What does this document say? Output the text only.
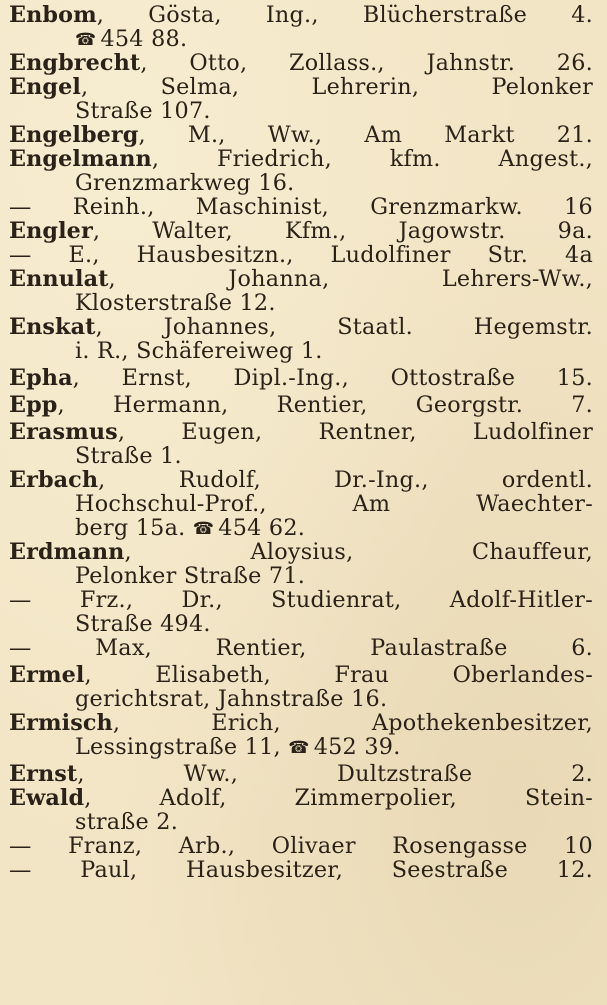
Enbom, Gösta, Ing., Blücherstraße 4.
☎ 454 88.
Engbrecht, Otto, Zollass., Jahnstr. 26.
Engel, Selma, Lehrerin, Pelonker
Straße 107.
Engelberg, M., Ww., Am Markt 21.
Engelmann, Friedrich, kfm. Angest.,
Grenzmarkweg 16.
— Reinh., Maschinist, Grenzmarkw. 16
Engler, Walter, Kfm., Jagowstr. 9a.
— E., Hausbesitzn., Ludolfiner Str. 4a
Ennulat, Johanna, Lehrers-Ww.,
Klosterstraße 12.
Enskat, Johannes, Staatl. Hegemstr.
i. R., Schäfereiweg 1.
Epha, Ernst, Dipl.-Ing., Ottostraße 15.
Epp, Hermann, Rentier, Georgstr. 7.
Erasmus, Eugen, Rentner, Ludolfiner
Straße 1.
Erbach, Rudolf, Dr.-Ing., ordentl.
Hochschul-Prof., Am Waechter-
berg 15a. ☎ 454 62.
Erdmann, Aloysius, Chauffeur,
Pelonker Straße 71.
— Frz., Dr., Studienrat, Adolf-Hitler-
Straße 494.
— Max, Rentier, Paulastraße 6.
Ermel, Elisabeth, Frau Oberlandes-
gerichtsrat, Jahnstraße 16.
Ermisch, Erich, Apothekenbesitzer,
Lessingstraße 11, ☎ 452 39.
Ernst, Ww., Dultzstraße 2.
Ewald, Adolf, Zimmerpolier, Stein-
straße 2.
— Franz, Arb., Olivaer Rosengasse 10
— Paul, Hausbesitzer, Seestraße 12.
